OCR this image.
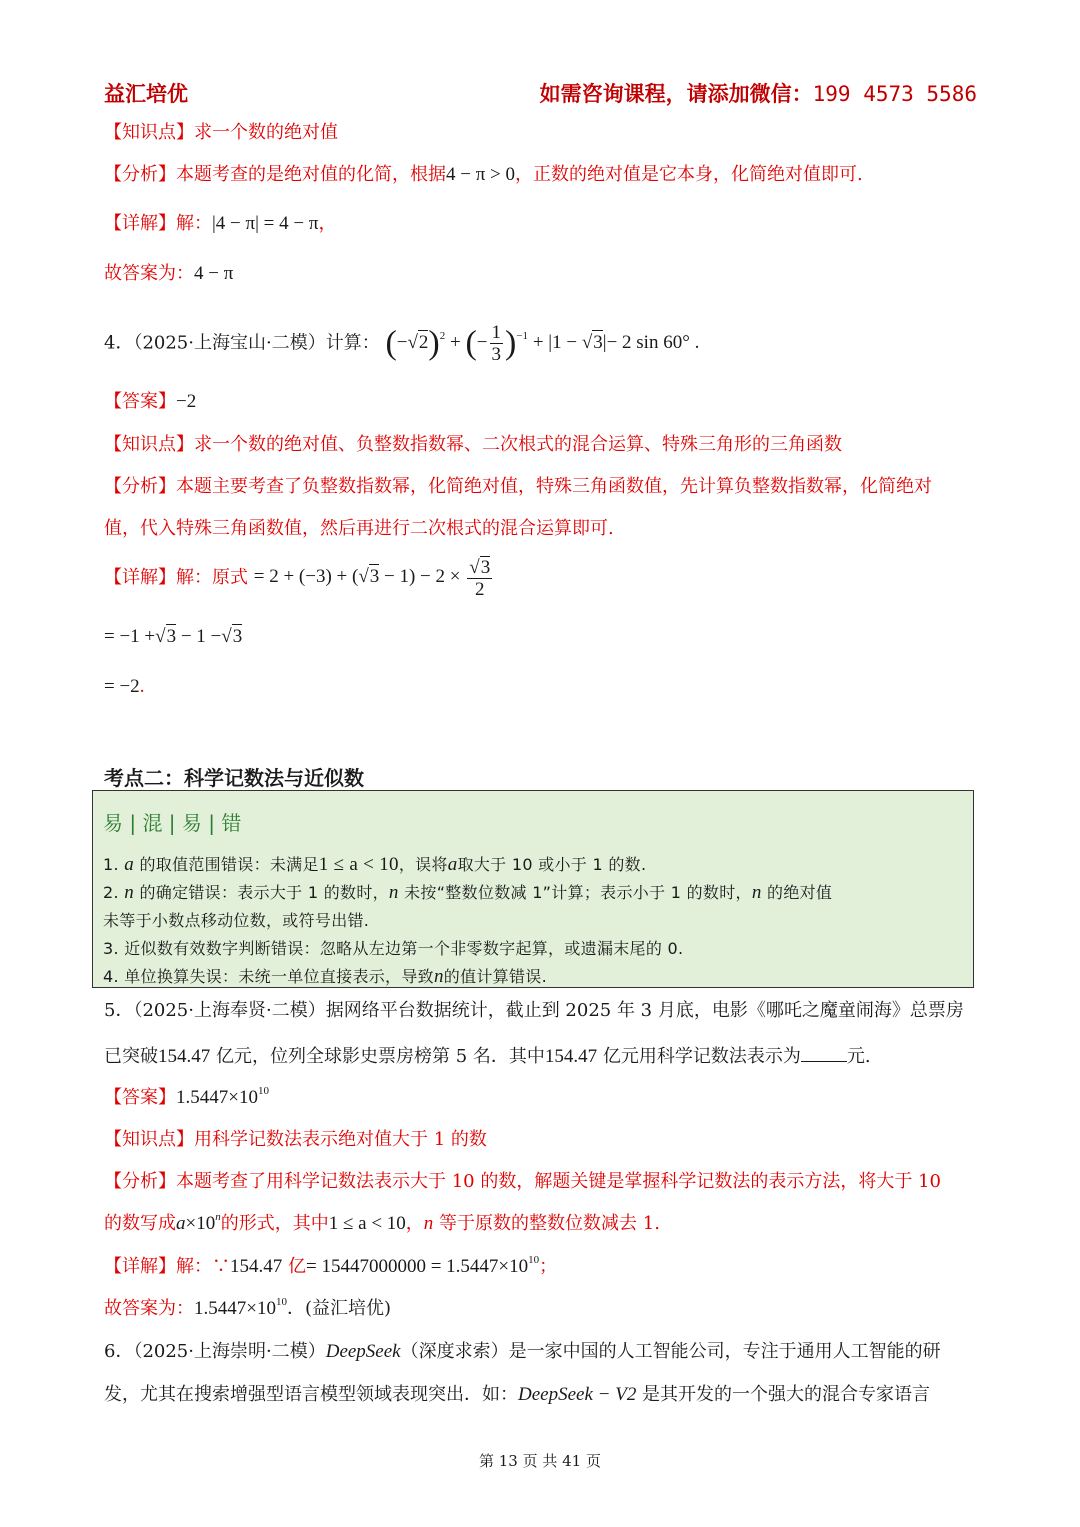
益汇培优	如需咨询课程，请添加微信：199 4573 5586
【知识点】求一个数的绝对值
【分析】本题考查的是绝对值的化简，根据4 − π > 0，正数的绝对值是它本身，化简绝对值即可.
【详解】解：|4 − π| = 4 − π，
故答案为：4 − π
4．（2025·上海宝山·二模）计算： $(-√2)^2$ + (− $\frac{1}{3} )^{-1} + |1 - √3|- 2$ sin 60° .
【答案】−2
【知识点】求一个数的绝对值、负整数指数幂、二次根式的混合运算、特殊三角形的三角函数
【分析】本题主要考查了负整数指数幂，化简绝对值，特殊三角函数值，先计算负整数指数幂，化简绝对
值，代入特殊三角函数值，然后再进行二次根式的混合运算即可.
【详解】解：原式 = $2 + (-3) + (√3 - 1) - 2 \times \frac{√3}{2}$
= −1 +√3 − 1 −√3
= −2.
考点二：科学记数法与近似数
易 | 混 | 易 | 错
1. a 的取值范围错误：未满足1 ≤ a < 10，误将a取大于 10 或小于 1 的数.
2. n 的确定错误：表示大于 1 的数时，n 未按“整数位数减 1”计算；表示小于 1 的数时，n 的绝对值
未等于小数点移动位数，或符号出错.
3. 近似数有效数字判断错误：忽略从左边第一个非零数字起算，或遗漏末尾的 0.
4. 单位换算失误：未统一单位直接表示，导致n的值计算错误.
5．（2025·上海奉贤·二模）据网络平台数据统计，截止到 2025 年 3 月底，电影《哪吒之魔童闹海》总票房
已突破154.47 亿元，位列全球影史票房榜第 5 名．其中154.47 亿元用科学记数法表示为	元.
【答案】$1.5447\times 10^{10}$
【知识点】用科学记数法表示绝对值大于 1 的数
【分析】本题考查了用科学记数法表示大于 10 的数，解题关键是掌握科学记数法的表示方法，将大于 10
的数写成$a\times 10^n$的形式，其中1 ≤ a < 10，n 等于原数的整数位数减去 1.
【详解】解：∵154.47 亿= $15447000000 = 1.5447\times 10^{10}$；
故答案为：$1.5447\times 10^{10}$．(益汇培优)
6．（2025·上海崇明·二模）DeepSeek（深度求索）是一家中国的人工智能公司，专注于通用人工智能的研
发，尤其在搜索增强型语言模型领域表现突出．如：DeepSeek − V2 是其开发的一个强大的混合专家语言
第 13 页 共 41 页
